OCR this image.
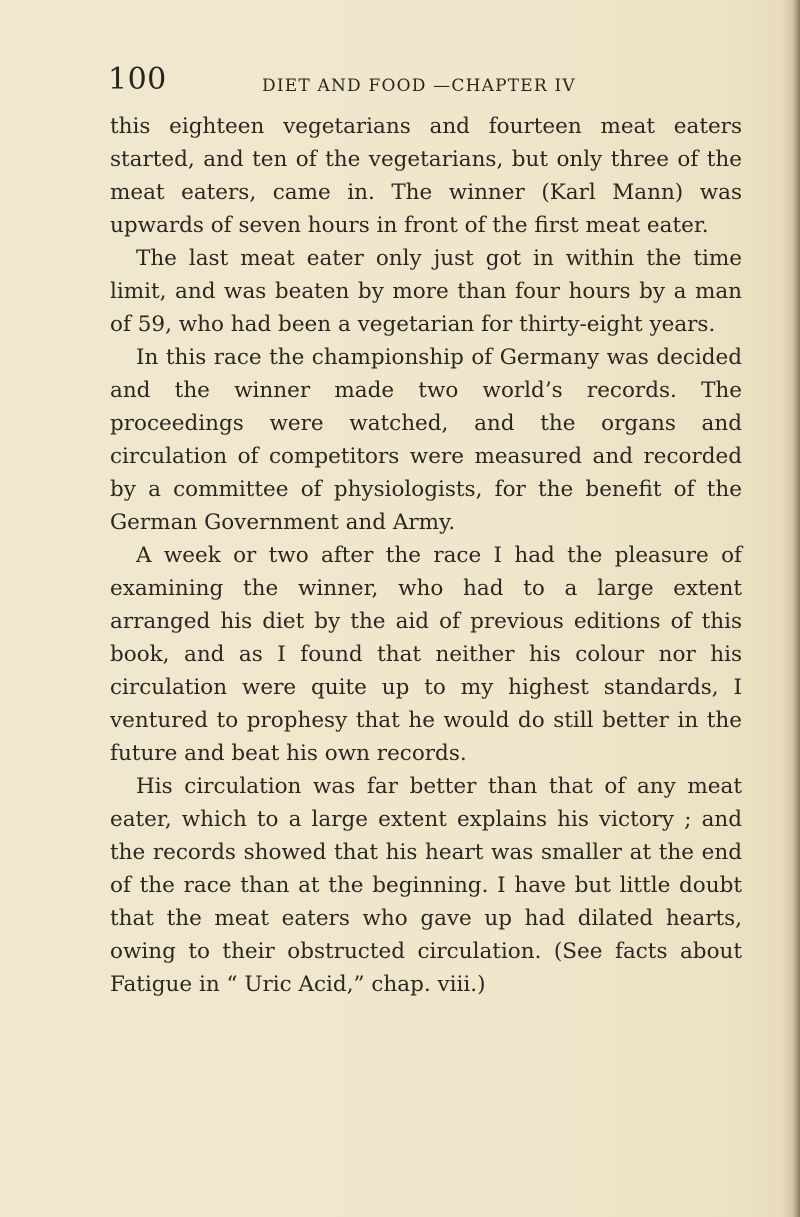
100	DIET AND FOOD —CHAPTER IV

this eighteen vegetarians and fourteen meat eaters started, and ten of the vegetarians, but only three of the meat eaters, came in. The winner (Karl Mann) was upwards of seven hours in front of the first meat eater.

The last meat eater only just got in within the time limit, and was beaten by more than four hours by a man of 59, who had been a vegetarian for thirty-eight years.

In this race the championship of Germany was decided and the winner made two world’s records. The proceedings were watched, and the organs and circulation of competitors were measured and recorded by a committee of physiologists, for the benefit of the German Government and Army.

A week or two after the race I had the pleasure of examining the winner, who had to a large extent arranged his diet by the aid of previous editions of this book, and as I found that neither his colour nor his circulation were quite up to my highest standards, I ventured to prophesy that he would do still better in the future and beat his own records.

His circulation was far better than that of any meat eater, which to a large extent explains his victory ; and the records showed that his heart was smaller at the end of the race than at the beginning. I have but little doubt that the meat eaters who gave up had dilated hearts, owing to their obstructed circulation. (See facts about Fatigue in “ Uric Acid,” chap. viii.)
